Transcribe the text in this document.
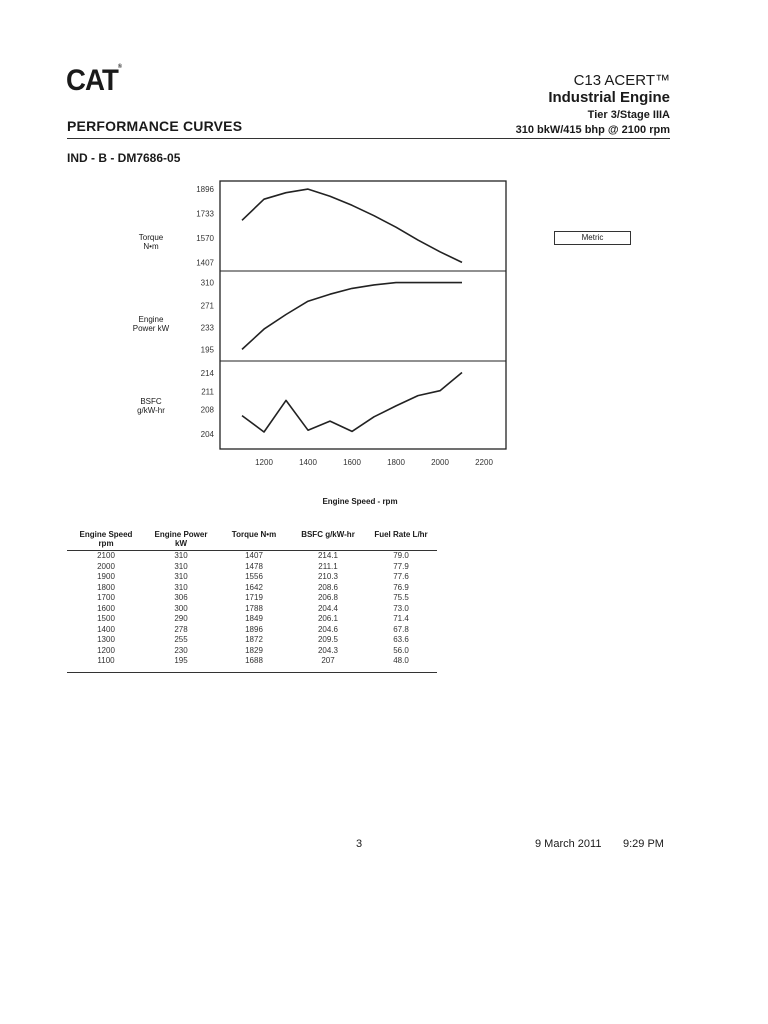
CAT®
C13 ACERT™
Industrial Engine
Tier 3/Stage IIIA
310 bkW/415 bhp @ 2100 rpm
PERFORMANCE CURVES
IND - B - DM7686-05
Metric
1896
1733
1570
1407
310
271
233
195
214
211
208
204
1200	1400	1600	1800	2000	2200
Torque
N•m
Engine
Power kW
BSFC
g/kW-hr
Engine Speed - rpm
Engine Speed
rpm	Engine Power
kW	Torque N•m	BSFC g/kW-hr	Fuel Rate L/hr
2100	310	1407	214.1	79.0
2000	310	1478	211.1	77.9
1900	310	1556	210.3	77.6
1800	310	1642	208.6	76.9
1700	306	1719	206.8	75.5
1600	300	1788	204.4	73.0
1500	290	1849	206.1	71.4
1400	278	1896	204.6	67.8
1300	255	1872	209.5	63.6
1200	230	1829	204.3	56.0
1100	195	1688	207	48.0
3	9 March 2011 9:29 PM
